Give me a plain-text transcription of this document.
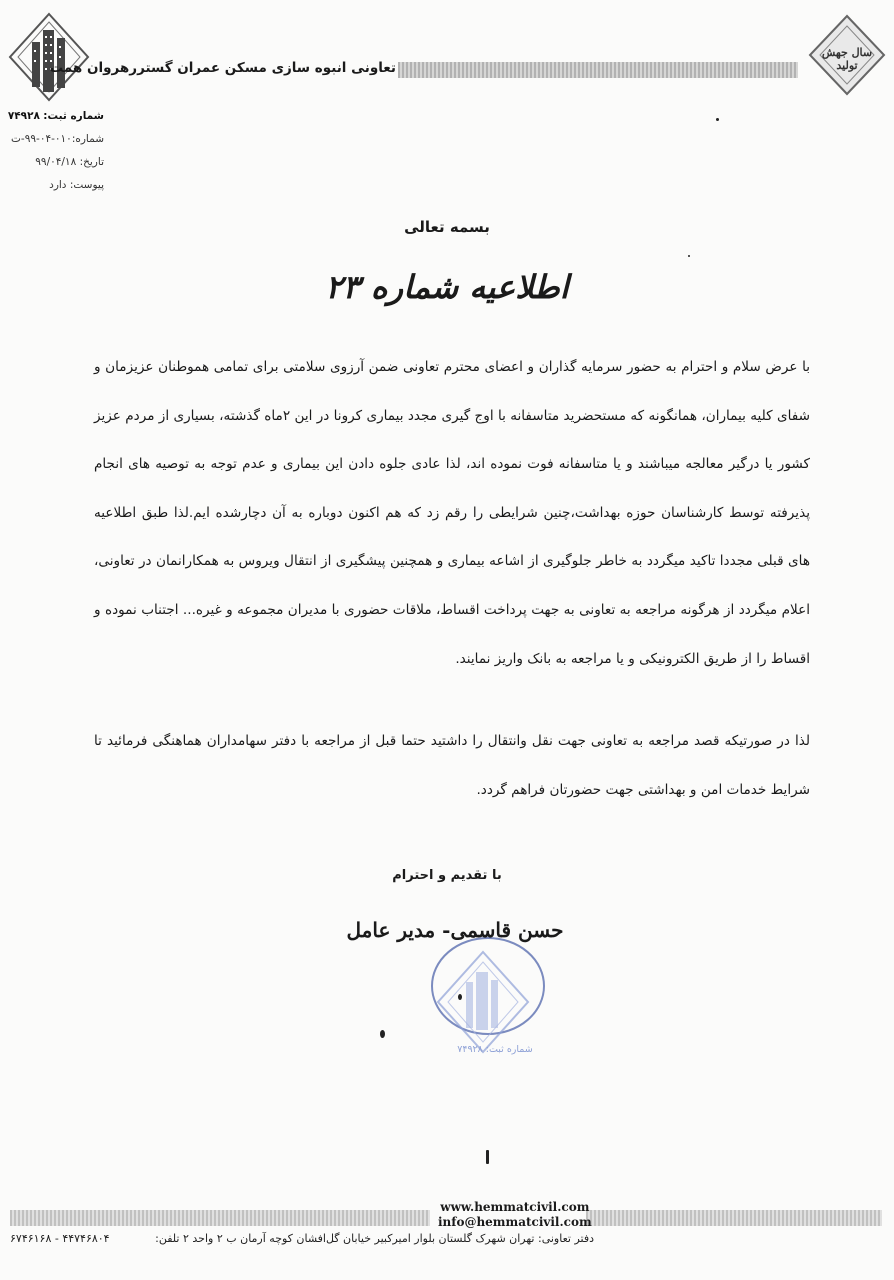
سال جهش تولید
تعاونی انبوه سازی مسکن عمران گستررهروان همت
شماره ثبت: ۷۴۹۲۸
شماره:۰۱۰-۰۴-۹۹-ت
تاریخ: ۹۹/۰۴/۱۸
پیوست: دارد
بسمه تعالی
اطلاعیه شماره ۲۳

با عرض سلام و احترام به حضور سرمایه گذاران و اعضای محترم تعاونی ضمن آرزوی سلامتی برای تمامی هموطنان عزیزمان و شفای کلیه بیماران، همانگونه که مستحضرید متاسفانه با اوج گیری مجدد بیماری کرونا در این ۲ماه گذشته، بسیاری از مردم عزیز کشور یا درگیر معالجه میباشند و یا متاسفانه فوت نموده اند، لذا عادی جلوه دادن این بیماری و عدم توجه به توصیه های انجام پذیرفته توسط کارشناسان حوزه بهداشت،چنین شرایطی را رقم زد که هم اکنون دوباره به آن دچارشده ایم.لذا طبق اطلاعیه های قبلی مجددا تاکید میگردد به خاطر جلوگیری از اشاعه بیماری و همچنین پیشگیری از انتقال ویروس به همکارانمان در تعاونی، اعلام میگردد از هرگونه مراجعه به تعاونی به جهت پرداخت اقساط، ملاقات حضوری با مدیران مجموعه و غیره... اجتناب نموده و اقساط را از طریق الکترونیکی و یا مراجعه به بانک واریز نمایند.

لذا در صورتیکه قصد مراجعه به تعاونی جهت نقل وانتقال را داشتید حتما قبل از مراجعه با دفتر سهامداران هماهنگی فرمائید تا شرایط خدمات امن و بهداشتی جهت حضورتان فراهم گردد.

با تقدیم و احترام
حسن قاسمی- مدیر عامل
شماره ثبت: ۷۴۹۲۸
www.hemmatcivil.com
info@hemmatcivil.com
دفتر تعاونی: تهران شهرک گلستان بلوار امیرکبیر خیابان گل‌افشان کوچه آرمان ب ۲ واحد ۲ تلفن:
۴۴۷۴۶۸۰۴ - ۶۷۴۶۱۶۸
